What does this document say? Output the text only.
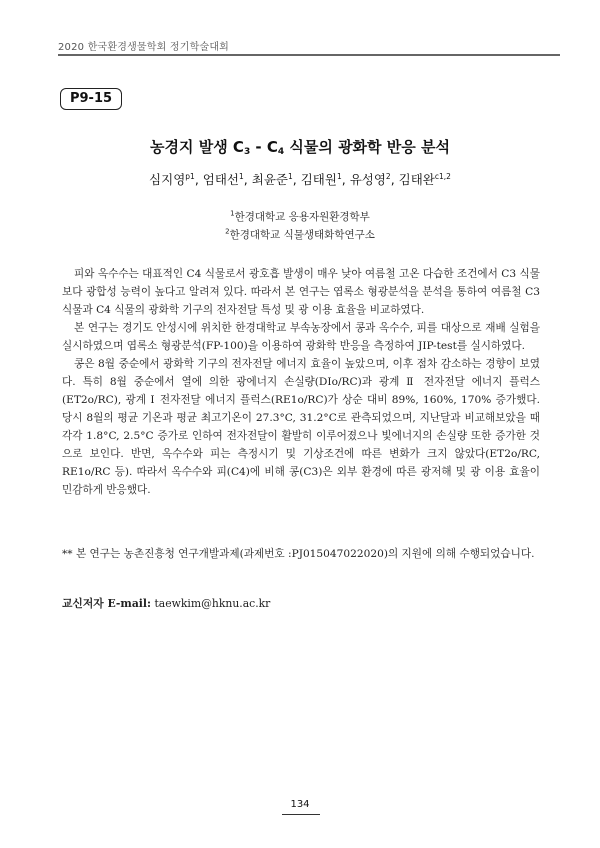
2020 한국환경생물학회 정기학술대회
P9-15
농경지 발생 $C_3 - C_4$ 식물의 광화학 반응 분석
심지영$^{p1}$, 엄태선$^1$, 최윤준$^1$, 김태원$^1$, 유성영$^2$, 김태완$^{c1,2}$
$^1$한경대학교 응용자원환경학부
$^2$한경대학교 식물생태화학연구소

피와 옥수수는 대표적인 C4 식물로서 광호흡 발생이 매우 낮아 여름철 고온 다습한 조건에서 C3 식물 보다 광합성 능력이 높다고 알려져 있다. 따라서 본 연구는 엽록소 형광분석을 분석을 통하여 여름철 C3식물과 C4 식물의 광화학 기구의 전자전달 특성 및 광 이용 효율을 비교하였다.

본 연구는 경기도 안성시에 위치한 한경대학교 부속농장에서 콩과 옥수수, 피를 대상으로 재배 실험을 실시하였으며 엽록소 형광분석(FP-100)을 이용하여 광화학 반응을 측정하여 JIP-test를 실시하였다.

콩은 8월 중순에서 광화학 기구의 전자전달 에너지 효율이 높았으며, 이후 점차 감소하는 경향이 보였다. 특히 8월 중순에서 열에 의한 광에너지 손실량(DIo/RC)과 광계 Ⅱ 전자전달 에너지 플럭스(ET2o/RC), 광계 Ⅰ 전자전달 에너지 플럭스(RE1o/RC)가 상순 대비 89%, 160%, 170% 증가했다. 당시 8월의 평균 기온과 평균 최고기온이 27.3°C, 31.2°C로 관측되었으며, 지난달과 비교해보았을 때 각각 1.8°C, 2.5°C 증가로 인하여 전자전달이 활발히 이루어졌으나 빛에너지의 손실량 또한 증가한 것으로 보인다. 반면, 옥수수와 피는 측정시기 및 기상조건에 따른 변화가 크지 않았다(ET2o/RC, RE1o/RC 등). 따라서 옥수수와 피(C4)에 비해 콩(C3)은 외부 환경에 따른 광저해 및 광 이용 효율이 민감하게 반응했다.

** 본 연구는 농촌진흥청 연구개발과제(과제번호 :PJ015047022020)의 지원에 의해 수행되었습니다.
교신저자 E-mail: taewkim@hknu.ac.kr
134
